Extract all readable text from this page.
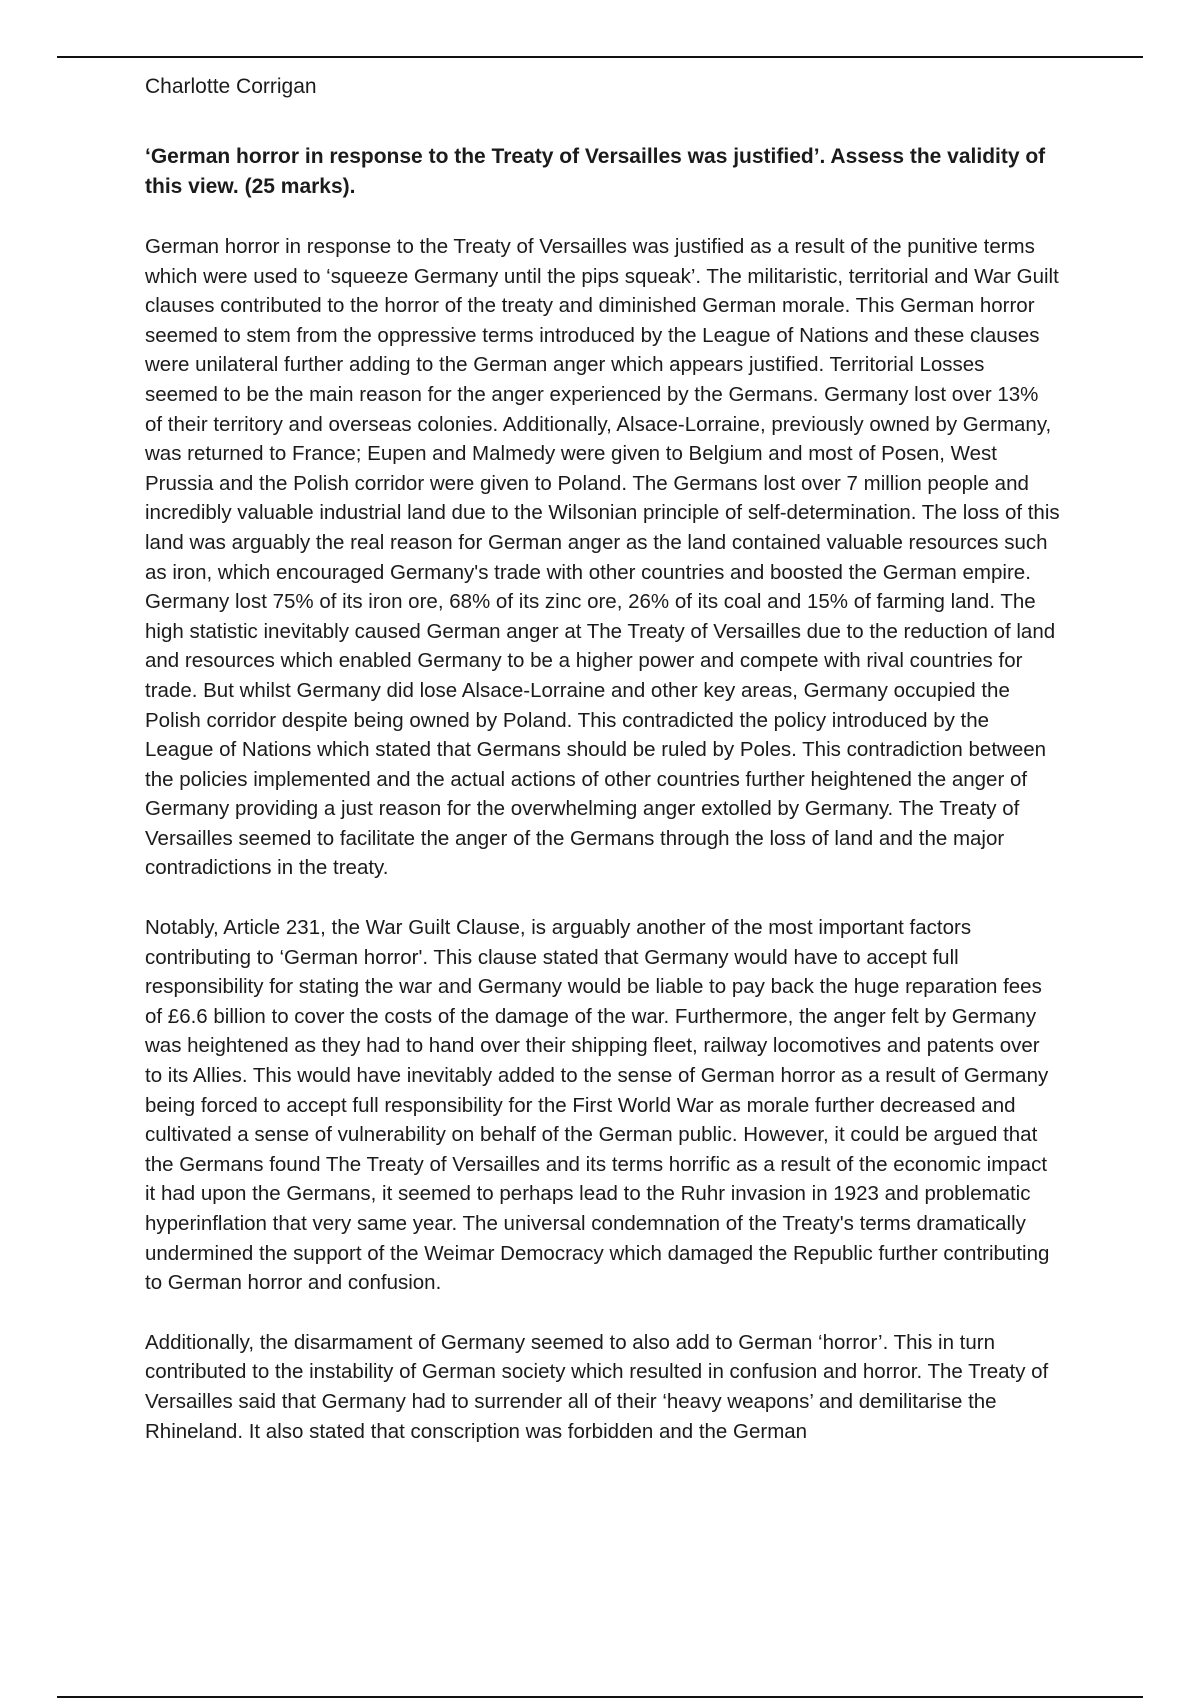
Charlotte Corrigan
‘German horror in response to the Treaty of Versailles was justified’. Assess the validity of this view. (25 marks).

German horror in response to the Treaty of Versailles was justified as a result of the punitive terms which were used to ‘squeeze Germany until the pips squeak’. The militaristic, territorial and War Guilt clauses contributed to the horror of the treaty and diminished German morale. This German horror seemed to stem from the oppressive terms introduced by the League of Nations and these clauses were unilateral further adding to the German anger which appears justified. Territorial Losses seemed to be the main reason for the anger experienced by the Germans. Germany lost over 13% of their territory and overseas colonies. Additionally, Alsace-Lorraine, previously owned by Germany, was returned to France; Eupen and Malmedy were given to Belgium and most of Posen, West Prussia and the Polish corridor were given to Poland. The Germans lost over 7 million people and incredibly valuable industrial land due to the Wilsonian principle of self-determination. The loss of this land was arguably the real reason for German anger as the land contained valuable resources such as iron, which encouraged Germany's trade with other countries and boosted the German empire. Germany lost 75% of its iron ore, 68% of its zinc ore, 26% of its coal and 15% of farming land. The high statistic inevitably caused German anger at The Treaty of Versailles due to the reduction of land and resources which enabled Germany to be a higher power and compete with rival countries for trade. But whilst Germany did lose Alsace-Lorraine and other key areas, Germany occupied the Polish corridor despite being owned by Poland. This contradicted the policy introduced by the League of Nations which stated that Germans should be ruled by Poles. This contradiction between the policies implemented and the actual actions of other countries further heightened the anger of Germany providing a just reason for the overwhelming anger extolled by Germany. The Treaty of Versailles seemed to facilitate the anger of the Germans through the loss of land and the major contradictions in the treaty.

Notably, Article 231, the War Guilt Clause, is arguably another of the most important factors contributing to ‘German horror'. This clause stated that Germany would have to accept full responsibility for stating the war and Germany would be liable to pay back the huge reparation fees of £6.6 billion to cover the costs of the damage of the war. Furthermore, the anger felt by Germany was heightened as they had to hand over their shipping fleet, railway locomotives and patents over to its Allies. This would have inevitably added to the sense of German horror as a result of Germany being forced to accept full responsibility for the First World War as morale further decreased and cultivated a sense of vulnerability on behalf of the German public. However, it could be argued that the Germans found The Treaty of Versailles and its terms horrific as a result of the economic impact it had upon the Germans, it seemed to perhaps lead to the Ruhr invasion in 1923 and problematic hyperinflation that very same year. The universal condemnation of the Treaty's terms dramatically undermined the support of the Weimar Democracy which damaged the Republic further contributing to German horror and confusion.

Additionally, the disarmament of Germany seemed to also add to German ‘horror’. This in turn contributed to the instability of German society which resulted in confusion and horror. The Treaty of Versailles said that Germany had to surrender all of their ‘heavy weapons’ and demilitarise the Rhineland. It also stated that conscription was forbidden and the German
